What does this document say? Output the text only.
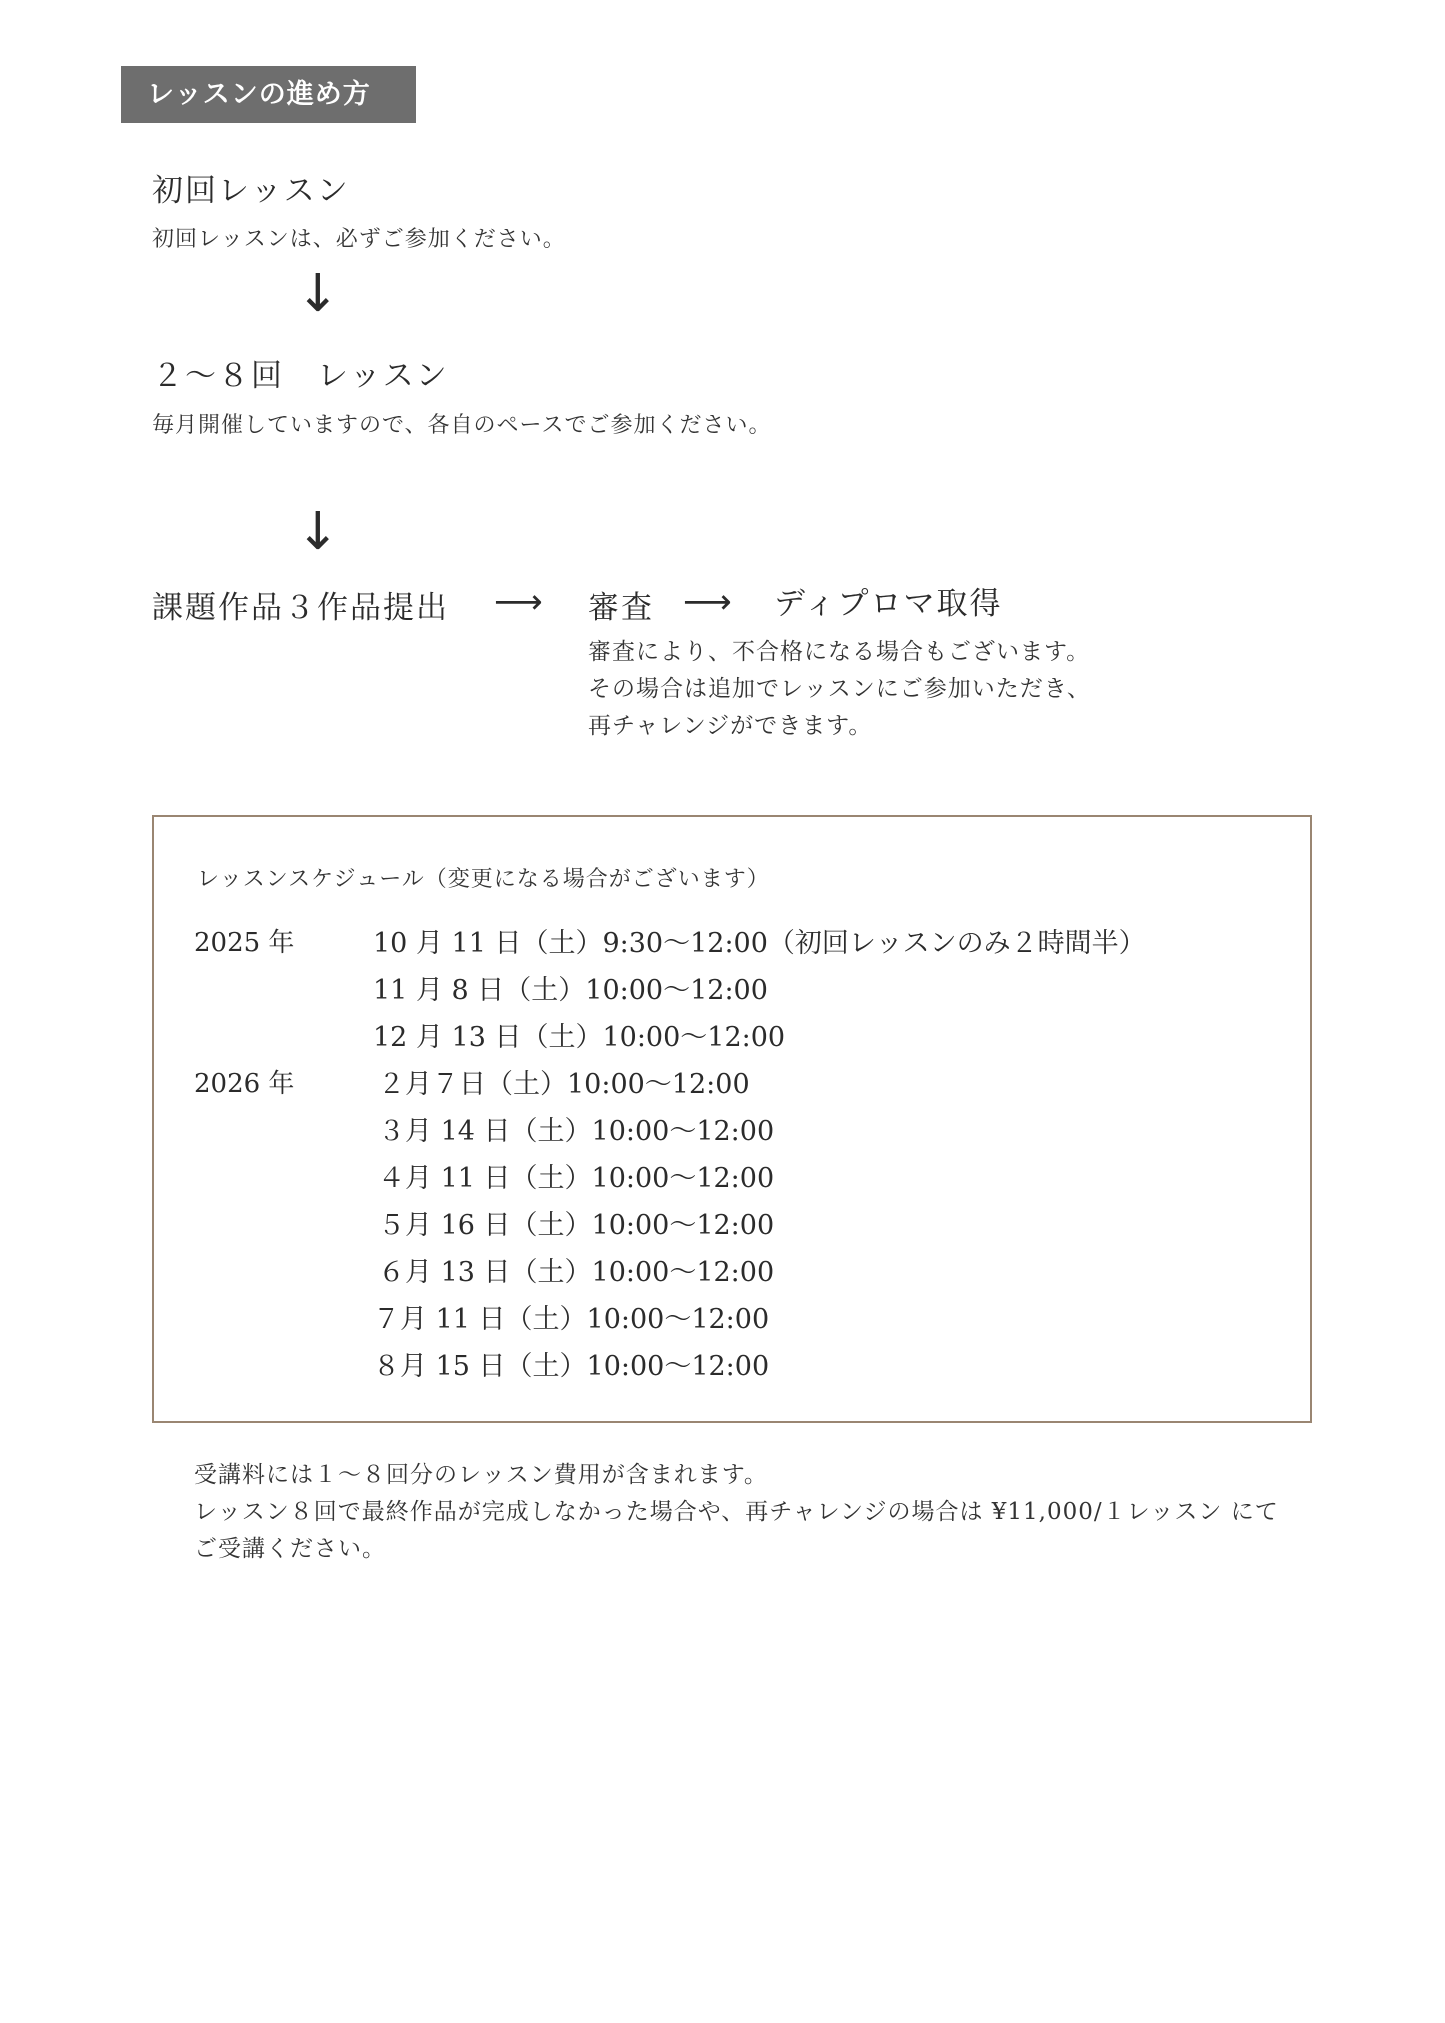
レッスンの進め方
初回レッスン
初回レッスンは、必ずご参加ください。
↓
２〜８回　レッスン
毎月開催していますので、各自のペースでご参加ください。
↓
課題作品３作品提出 ⟶ 審査 ⟶ ディプロマ取得
審査により、不合格になる場合もございます。
その場合は追加でレッスンにご参加いただき、
再チャレンジができます。
レッスンスケジュール（変更になる場合がございます）
2025 年
2026 年
10 月 11 日（土）9:30〜12:00（初回レッスンのみ２時間半）
11 月 8 日（土）10:00〜12:00
12 月 13 日（土）10:00〜12:00
２月７日（土）10:00〜12:00
３月 14 日（土）10:00〜12:00
４月 11 日（土）10:00〜12:00
５月 16 日（土）10:00〜12:00
６月 13 日（土）10:00〜12:00
７月 11 日（土）10:00〜12:00
８月 15 日（土）10:00〜12:00
受講料には１〜８回分のレッスン費用が含まれます。
レッスン８回で最終作品が完成しなかった場合や、再チャレンジの場合は ¥11,000/１レッスン にて
ご受講ください。
